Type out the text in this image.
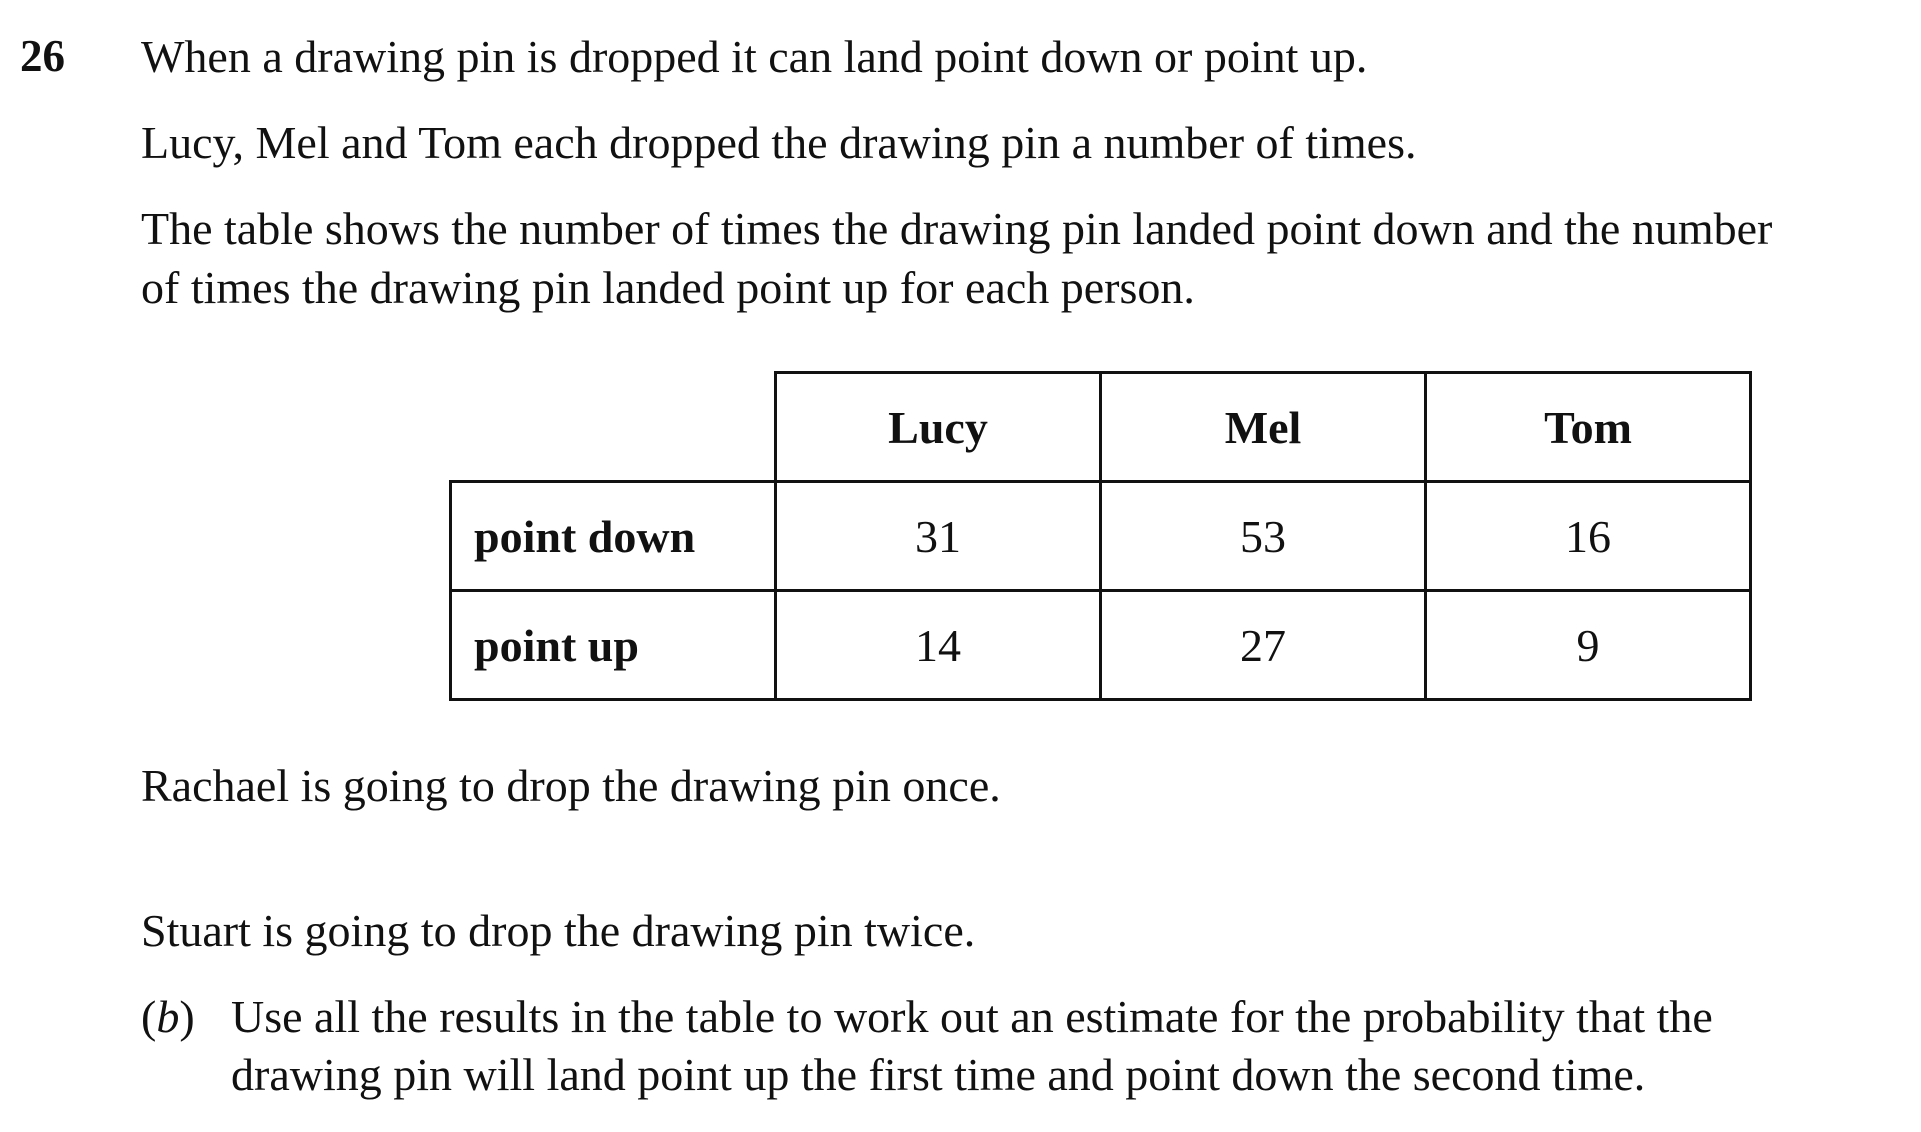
26 When a drawing pin is dropped it can land point down or point up.
Lucy, Mel and Tom each dropped the drawing pin a number of times.
The table shows the number of times the drawing pin landed point down and the number
of times the drawing pin landed point up for each person.
	Lucy	Mel	Tom
point down	31	53	16
point up	14	27	9
Rachael is going to drop the drawing pin once.
Stuart is going to drop the drawing pin twice.
(b) Use all the results in the table to work out an estimate for the probability that the
drawing pin will land point up the first time and point down the second time.
